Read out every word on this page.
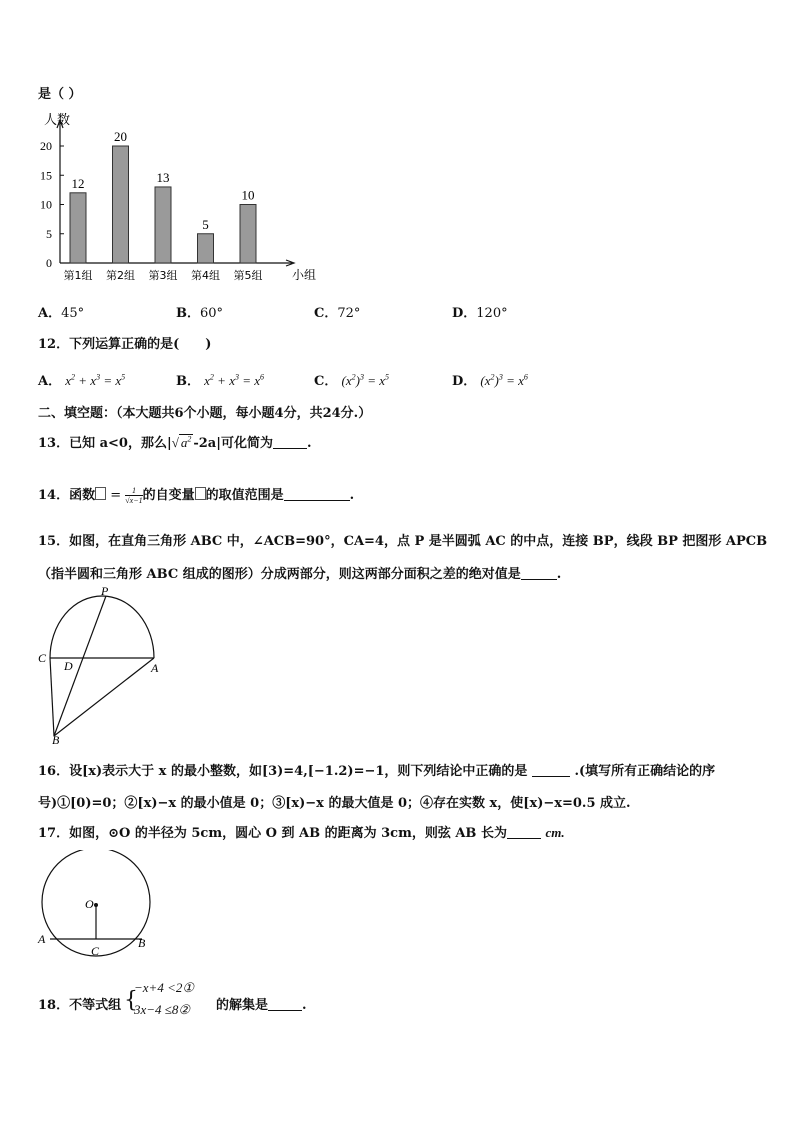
是（ ）
人数
0
5
10
15
20
12
20
13
5
10
第1组 第2组 第3组 第4组 第5组 小组
A．45°	B．60°	C．72°	D．120°
12．下列运算正确的是(　　)
A． $x^2 + x^3 = x^5$	B． $x^2 + x^3 = x^6$	C． $(x^2)^3 = x^5$	D． $(x^2)^3 = x^6$
二、填空题：（本大题共6个小题，每小题4分，共24分.）
13．已知 a<0，那么|√ $a^2$ -2a|可化简为	.
14．函数 = $\frac{1}{√x-1}$ 的自变量 的取值范围是	.
15．如图，在直角三角形 ABC 中，∠ACB=90°，CA=4，点 P 是半圆弧 AC 的中点，连接 BP，线段 BP 把图形 APCB
（指半圆和三角形 ABC 组成的图形）分成两部分，则这两部分面积之差的绝对值是	.
P
C
D	A
B
16．设[x)表示大于 x 的最小整数，如[3)=4,[−1.2)=−1，则下列结论中正确的是	.(填写所有正确结论的序
号)①[0)=0；②[x)−x 的最小值是 0；③[x)−x 的最大值是 0；④存在实数 x，使[x)−x=0.5 成立.
17．如图，⊙O 的半径为 5cm，圆心 O 到 AB 的距离为 3cm，则弦 AB 长为	cm.
O
A	B
C
18．不等式组 {
−x+4 <2①
3x−4 ≤8② 的解集是	.
